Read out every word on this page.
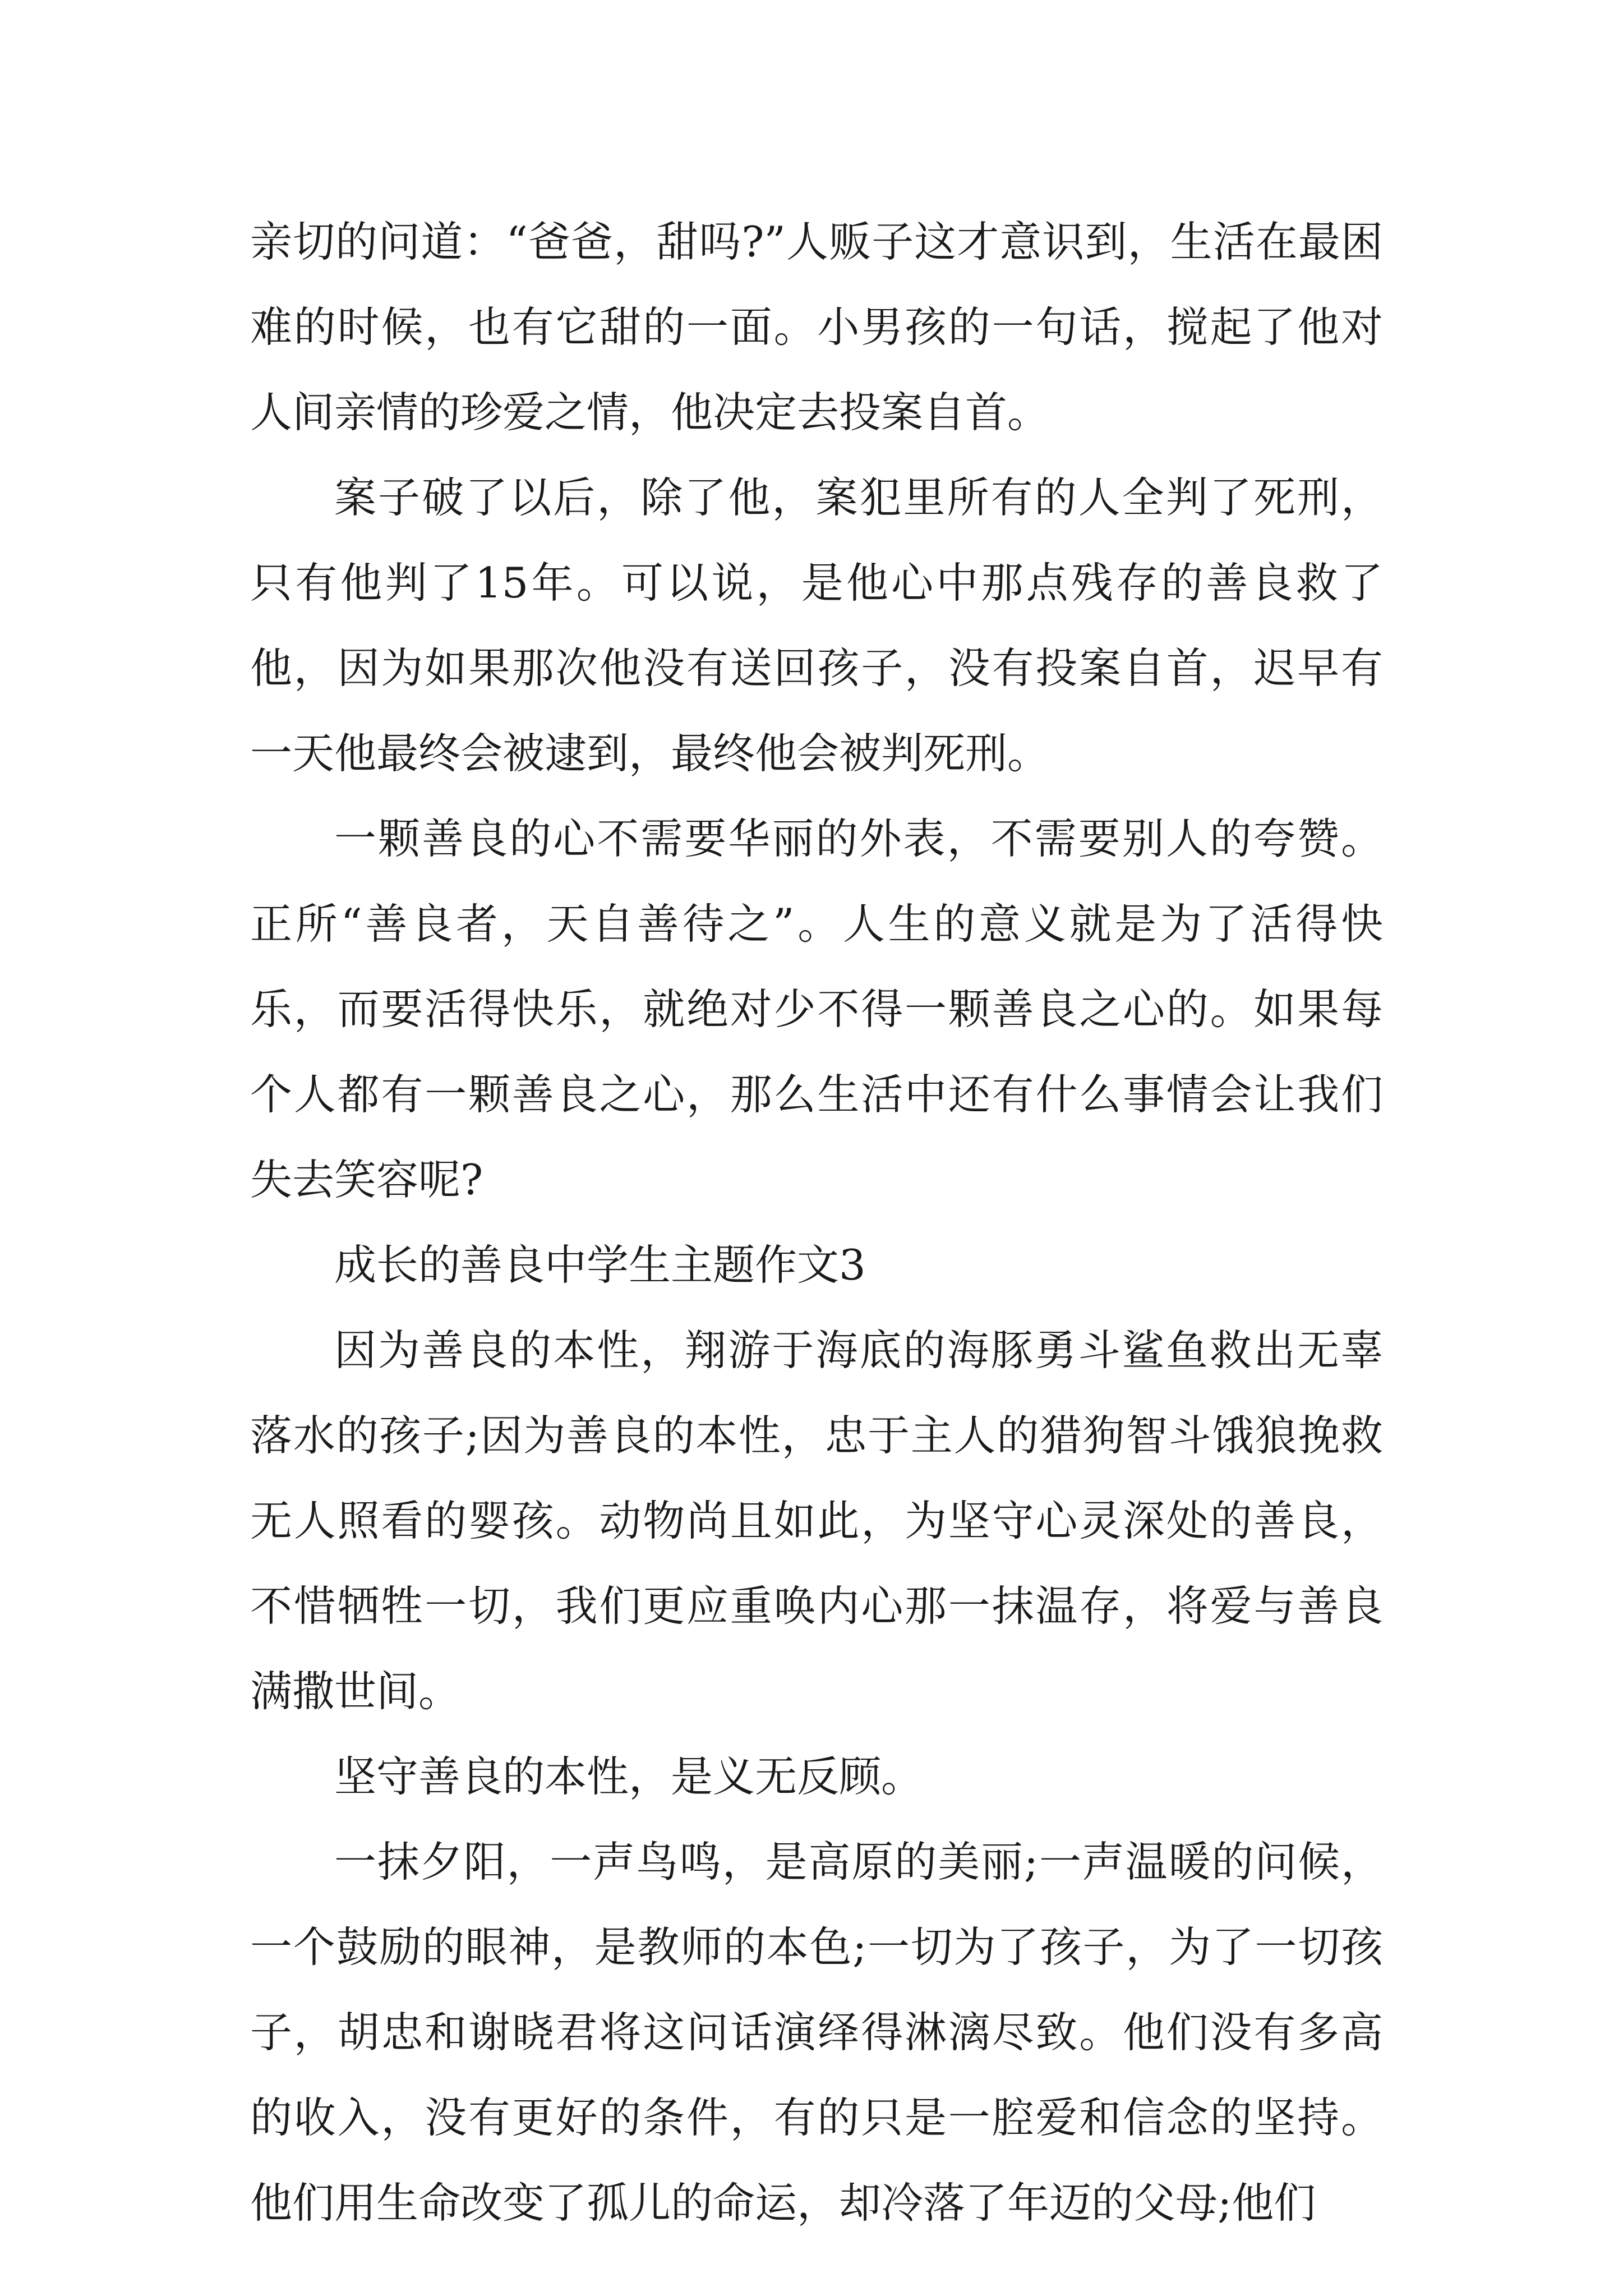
亲切的问道：“爸爸，甜吗?”人贩子这才意识到，生活在最困难的时候，也有它甜的一面。小男孩的一句话，搅起了他对人间亲情的珍爱之情，他决定去投案自首。

案子破了以后，除了他，案犯里所有的人全判了死刑，只有他判了15年。可以说，是他心中那点残存的善良救了他，因为如果那次他没有送回孩子，没有投案自首，迟早有一天他最终会被逮到，最终他会被判死刑。

一颗善良的心不需要华丽的外表，不需要别人的夸赞。正所“善良者，天自善待之”。人生的意义就是为了活得快乐，而要活得快乐，就绝对少不得一颗善良之心的。如果每个人都有一颗善良之心，那么生活中还有什么事情会让我们失去笑容呢?

成长的善良中学生主题作文3

因为善良的本性，翔游于海底的海豚勇斗鲨鱼救出无辜落水的孩子;因为善良的本性，忠于主人的猎狗智斗饿狼挽救无人照看的婴孩。动物尚且如此，为坚守心灵深处的善良，不惜牺牲一切，我们更应重唤内心那一抹温存，将爱与善良满撒世间。

坚守善良的本性，是义无反顾。

一抹夕阳，一声鸟鸣，是高原的美丽;一声温暖的问候，一个鼓励的眼神，是教师的本色;一切为了孩子，为了一切孩子，胡忠和谢晓君将这问话演绎得淋漓尽致。他们没有多高的收入，没有更好的条件，有的只是一腔爱和信念的坚持。他们用生命改变了孤儿的命运，却冷落了年迈的父母;他们
